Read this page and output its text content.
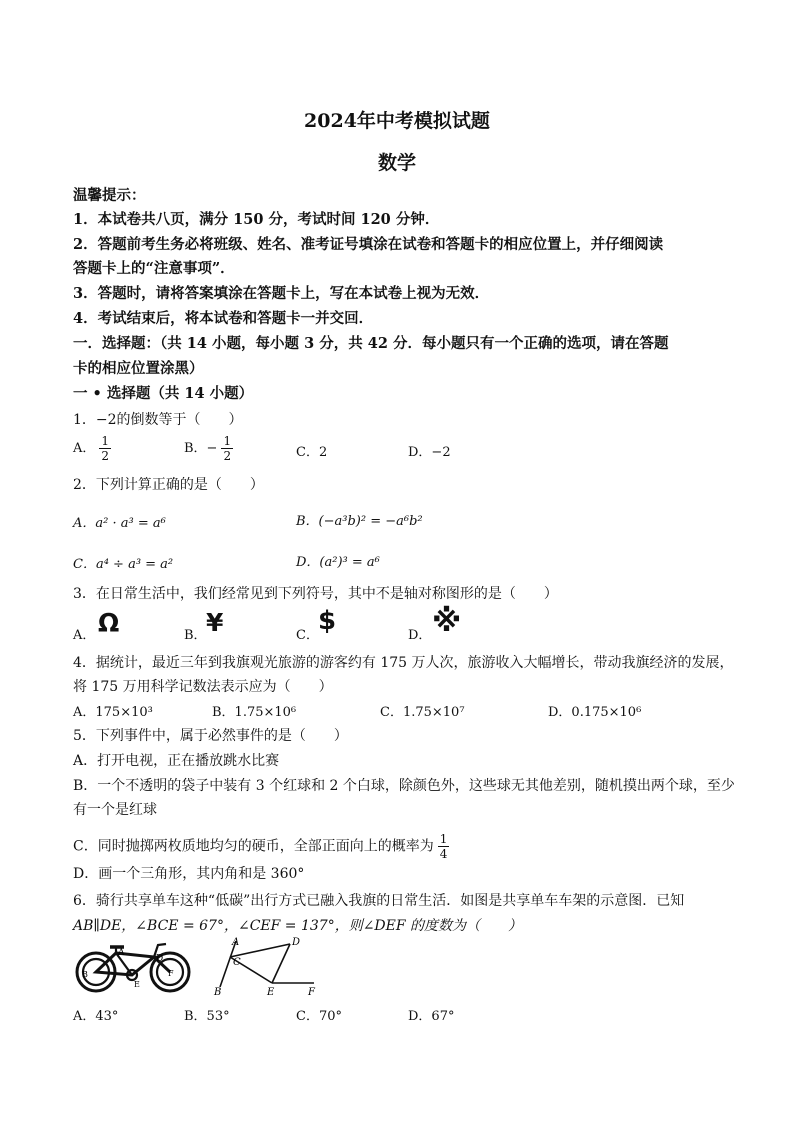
2024年中考模拟试题
数学
温馨提示：
1．本试卷共八页，满分 150 分，考试时间 120 分钟．
2．答题前考生务必将班级、姓名、准考证号填涂在试卷和答题卡的相应位置上，并仔细阅读
答题卡上的“注意事项”．
3．答题时，请将答案填涂在答题卡上，写在本试卷上视为无效．
4．考试结束后，将本试卷和答题卡一并交回．
一．选择题：（共 14 小题，每小题 3 分，共 42 分．每小题只有一个正确的选项，请在答题
卡的相应位置涂黑）
一 • 选择题（共 14 小题）
1．−2的倒数等于（　　）
A． $\frac{1}{2}$	B．− $\frac{1}{2}$	C．2	D．−2
2．下列计算正确的是（　　）
A．a² · a³ = a⁶	B．(−a³b)² = −a⁶b²
C．a⁴ ÷ a³ = a²	D．(a²)³ = a⁶
3．在日常生活中，我们经常见到下列符号，其中不是轴对称图形的是（　　）
A． Ω	B． ¥	C． $	D． ※
4．据统计，最近三年到我旗观光旅游的游客约有 175 万人次，旅游收入大幅增长，带动我旗经济的发展，
将 175 万用科学记数法表示应为（　　）
A．175×10³	B．1.75×10⁶	C．1.75×10⁷	D．0.175×10⁶
5．下列事件中，属于必然事件的是（　　）
A．打开电视，正在播放跳水比赛
B．一个不透明的袋子中装有 3 个红球和 2 个白球，除颜色外，这些球无其他差别，随机摸出两个球，至少
有一个是红球
C．同时抛掷两枚质地均匀的硬币，全部正面向上的概率为 $\frac{1}{4}$
D．画一个三角形，其内角和是 360°
6．骑行共享单车这种“低碳”出行方式已融入我旗的日常生活．如图是共享单车车架的示意图．已知
AB∥DE，∠BCE = 67°，∠CEF = 137°，则∠DEF 的度数为（　　）
A
D
B
E
F
A
B
C
D
E	F
A．43°	B．53°	C．70°	D．67°
